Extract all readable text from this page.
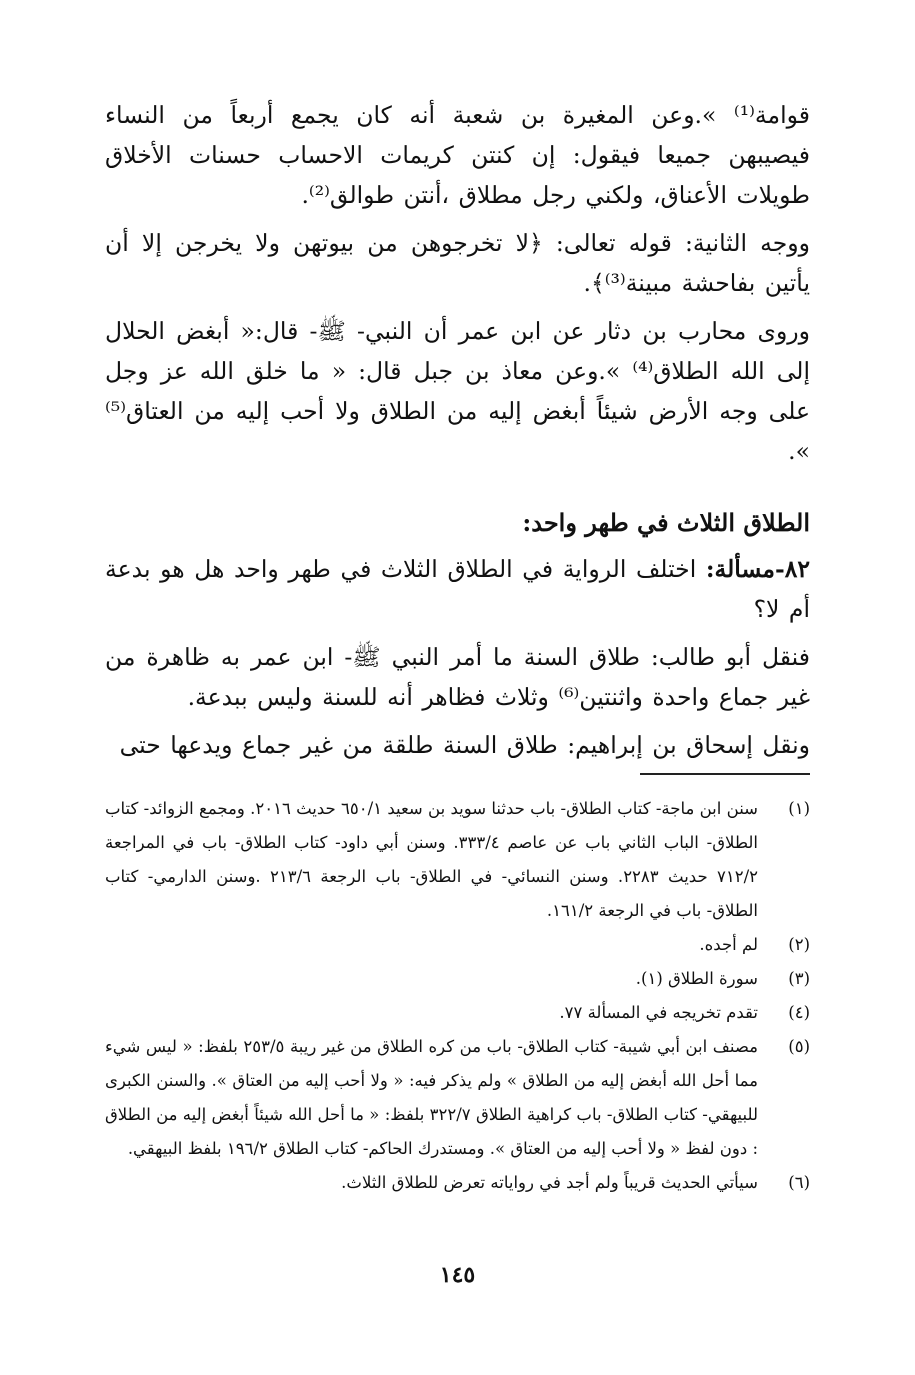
قوامة⁽¹⁾ ».وعن المغيرة بن شعبة أنه كان يجمع أربعاً من النساء فيصيبهن جميعا فيقول: إن كنتن كريمات الاحساب حسنات الأخلاق طويلات الأعناق، ولكني رجل مطلاق ،أنتن طوالق⁽²⁾.

ووجه الثانية: قوله تعالى: ﴿لا تخرجوهن من بيوتهن ولا يخرجن إلا أن يأتين بفاحشة مبينة⁽³⁾﴾.

وروى محارب بن دثار عن ابن عمر أن النبي- ﷺ- قال:« أبغض الحلال إلى الله الطلاق⁽⁴⁾ ».وعن معاذ بن جبل قال: « ما خلق الله عز وجل على وجه الأرض شيئاً أبغض إليه من الطلاق ولا أحب إليه من العتاق⁽⁵⁾ ».

الطلاق الثلاث في طهر واحد:

٨٢-مسألة: اختلف الرواية في الطلاق الثلاث في طهر واحد هل هو بدعة أم لا؟

فنقل أبو طالب: طلاق السنة ما أمر النبي ﷺ- ابن عمر به ظاهرة من غير جماع واحدة واثنتين⁽⁶⁾ وثلاث فظاهر أنه للسنة وليس ببدعة.

ونقل إسحاق بن إبراهيم: طلاق السنة طلقة من غير جماع ويدعها حتى

(١)
سنن ابن ماجة- كتاب الطلاق- باب حدثنا سويد بن سعيد ٦٥٠/١ حديث ٢٠١٦. ومجمع الزوائد- كتاب الطلاق- الباب الثاني باب عن عاصم ٣٣٣/٤. وسنن أبي داود- كتاب الطلاق- باب في المراجعة ٧١٢/٢ حديث ٢٢٨٣. وسنن النسائي- في الطلاق- باب الرجعة ٢١٣/٦ .وسنن الدارمي- كتاب الطلاق- باب في الرجعة ١٦١/٢.
(٢)
لم أجده.
(٣)
سورة الطلاق (١).
(٤)
تقدم تخريجه في المسألة ٧٧.
(٥)
مصنف ابن أبي شيبة- كتاب الطلاق- باب من كره الطلاق من غير ريبة ٢٥٣/٥ بلفظ: « ليس شيء مما أحل الله أبغض إليه من الطلاق » ولم يذكر فيه: « ولا أحب إليه من العتاق ». والسنن الكبرى للبيهقي- كتاب الطلاق- باب كراهية الطلاق ٣٢٢/٧ بلفظ: « ما أحل الله شيئاً أبغض إليه من الطلاق : دون لفظ « ولا أحب إليه من العتاق ». ومستدرك الحاكم- كتاب الطلاق ١٩٦/٢ بلفظ البيهقي.
(٦)
سيأتي الحديث قريباً ولم أجد في رواياته تعرض للطلاق الثلاث.
١٤٥
